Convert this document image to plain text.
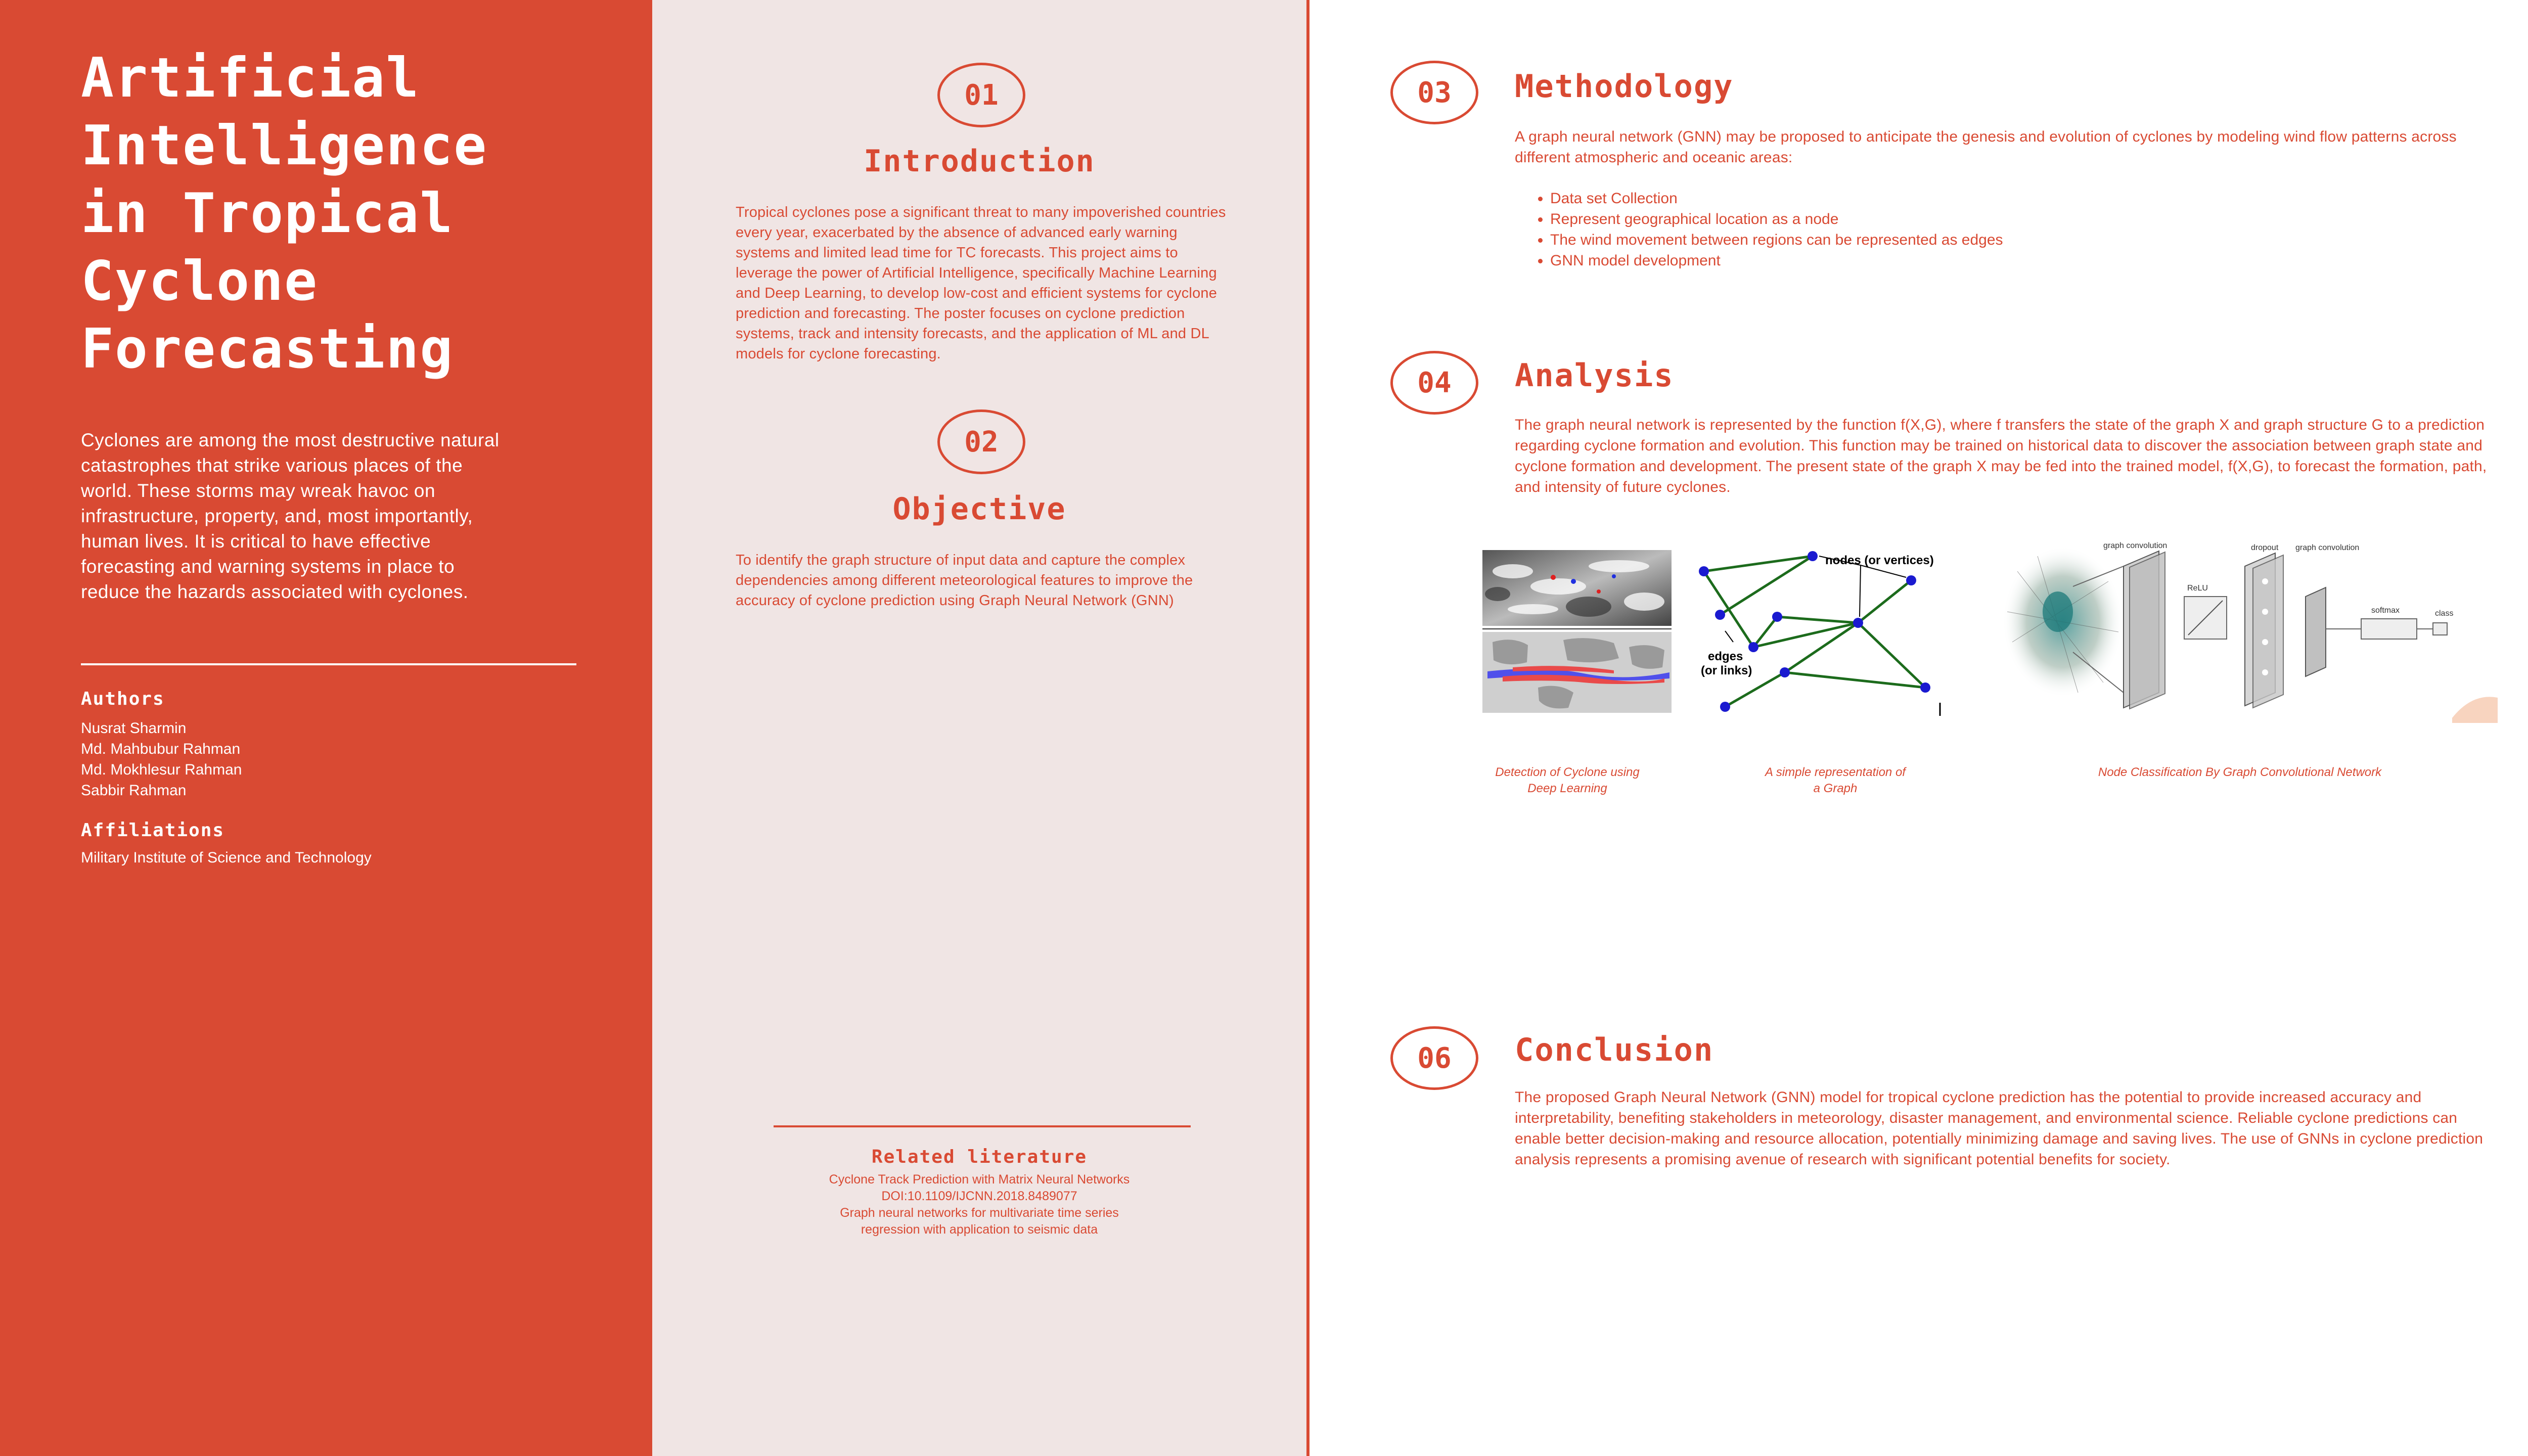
Artificial
Intelligence
in Tropical
Cyclone
Forecasting

Cyclones are among the most destructive natural catastrophes that strike various places of the world. These storms may wreak havoc on infrastructure, property, and, most importantly, human lives. It is critical to have effective forecasting and warning systems in place to reduce the hazards associated with cyclones.

Authors
Nusrat Sharmin
Md. Mahbubur Rahman
Md. Mokhlesur Rahman
Sabbir Rahman
Affiliations

Military Institute of Science and Technology

01
Introduction

Tropical cyclones pose a significant threat to many impoverished countries every year, exacerbated by the absence of advanced early warning systems and limited lead time for TC forecasts. This project aims to leverage the power of Artificial Intelligence, specifically Machine Learning and Deep Learning, to develop low-cost and efficient systems for cyclone prediction and forecasting. The poster focuses on cyclone prediction systems, track and intensity forecasts, and the application of ML and DL models for cyclone forecasting.

02
Objective

To identify the graph structure of input data and capture the complex dependencies among different meteorological features to improve the accuracy of cyclone prediction using Graph Neural Network (GNN)

Related literature
Cyclone Track Prediction with Matrix Neural Networks
DOI:10.1109/IJCNN.2018.8489077
Graph neural networks for multivariate time series
regression with application to seismic data
03	Methodology

A graph neural network (GNN) may be proposed to anticipate the genesis and evolution of cyclones by modeling wind flow patterns across different atmospheric and oceanic areas:

• Data set Collection
• Represent geographical location as a node
• The wind movement between regions can be represented as edges
• GNN model development
04	Analysis

The graph neural network is represented by the function f(X,G), where f transfers the state of the graph X and graph structure G to a prediction regarding cyclone formation and evolution. This function may be trained on historical data to discover the association between graph state and cyclone formation and development. The present state of the graph X may be fed into the trained model, f(X,G), to forecast the formation, path, and intensity of future cyclones.

nodes (or vertices)
edges
(or links)
graph convolution
ReLU
dropout graph convolution
softmax	class

Detection of Cyclone using
Deep Learning

A simple representation of
a Graph

Node Classification By Graph Convolutional Network

06	Conclusion

The proposed Graph Neural Network (GNN) model for tropical cyclone prediction has the potential to provide increased accuracy and interpretability, benefiting stakeholders in meteorology, disaster management, and environmental science. Reliable cyclone predictions can enable better decision-making and resource allocation, potentially minimizing damage and saving lives. The use of GNNs in cyclone prediction analysis represents a promising avenue of research with significant potential benefits for society.
